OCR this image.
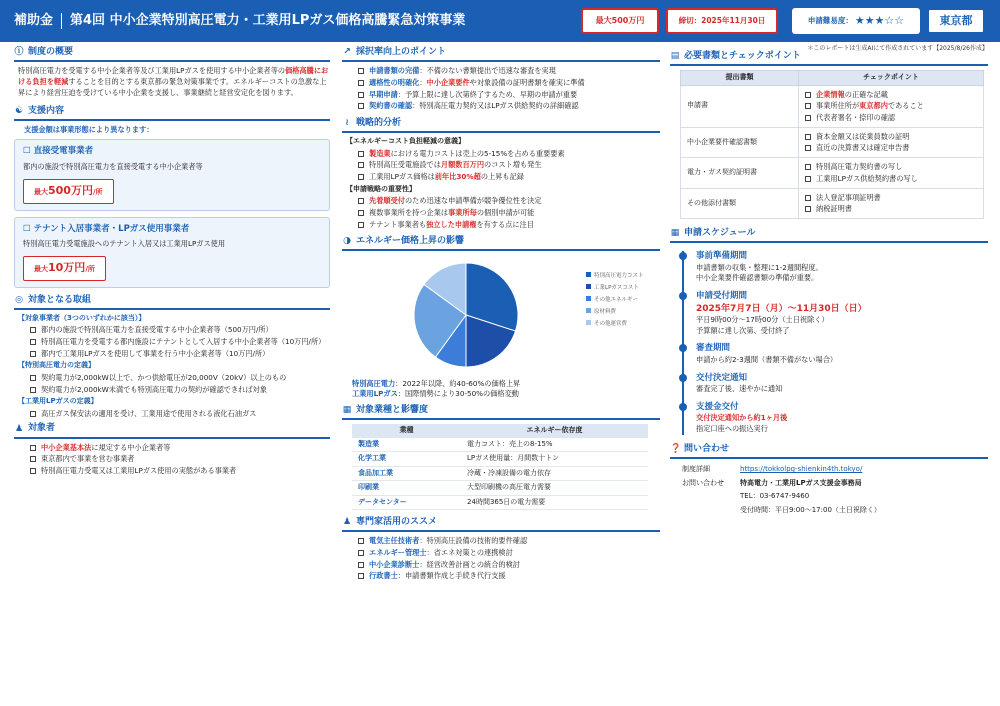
補助金 第4回 中小企業特別高圧電力・工業用LPガス価格高騰緊急対策事業	最大500万円	締切：2025年11月30日	申請難易度： ★★★☆☆	東京都
ⓘ 制度の概要
特別高圧電力を受電する中小企業者等及び工業用LPガスを使用する中小企業者等の価格高騰における負担を軽減することを目的とする東京都の緊急対策事業です。エネルギーコストの急激な上昇により経営圧迫を受けている中小企業を支援し、事業継続と経営安定化を図ります。
☯ 支援内容
支援金額は事業形態により異なります：
☐ 直接受電事業者
都内の施設で特別高圧電力を直接受電する中小企業者等
最大500万円/所
☐ テナント入居事業者・LPガス使用事業者
特別高圧電力受電施設へのテナント入居又は工業用LPガス使用
最大10万円/所
◎ 対象となる取組
【対象事業者（3つのいずれかに該当）】
都内の施設で特別高圧電力を直接受電する中小企業者等（500万円/所）
特別高圧電力を受電する都内施設にテナントとして入居する中小企業者等（10万円/所）
都内で工業用LPガスを使用して事業を行う中小企業者等（10万円/所）
【特別高圧電力の定義】
契約電力が2,000kW以上で、かつ供給電圧が20,000V（20kV）以上のもの
契約電力が2,000kW未満でも特別高圧電力の契約が確認できれば対象
【工業用LPガスの定義】
高圧ガス保安法の適用を受け、工業用途で使用される液化石油ガス
♟ 対象者
中小企業基本法に規定する中小企業者等
東京都内で事業を営む事業者
特別高圧電力受電又は工業用LPガス使用の実態がある事業者
↗ 採択率向上のポイント
申請書類の完備：不備のない書類提出で迅速な審査を実現
適格性の明確化：中小企業要件や対象設備の証明書類を確実に準備
早期申請：予算上限に達し次第終了するため、早期の申請が重要
契約書の確認：特別高圧電力契約又はLPガス供給契約の詳細確認
≀ 戦略的分析
【エネルギーコスト負担軽減の意義】
製造業における電力コストは売上の5-15%を占める重要要素
特別高圧受電施設では月額数百万円のコスト増も発生
工業用LPガス価格は前年比30%超の上昇も記録
【申請戦略の重要性】
先着順受付のため迅速な申請準備が競争優位性を決定
複数事業所を持つ企業は事業所毎の個別申請が可能
テナント事業者も独立した申請権を有する点に注目
◑ エネルギー価格上昇の影響
特別高圧電力コスト
工業LPガスコスト
その他エネルギー
原材料費
その他運営費
特別高圧電力：2022年以降、約40-60%の価格上昇
工業用LPガス：国際情勢により30-50%の価格変動
▦ 対象業種と影響度
業種	エネルギー依存度
製造業	電力コスト：売上の8-15%
化学工業	LPガス使用量：月間数十トン
食品加工業	冷蔵・冷凍設備の電力依存
印刷業	大型印刷機の高圧電力需要
データセンター	24時間365日の電力需要
♟ 専門家活用のススメ
電気主任技術者：特別高圧設備の技術的要件確認
エネルギー管理士：省エネ対策との連携検討
中小企業診断士：経営改善計画との統合的検討
行政書士：申請書類作成と手続き代行支援
＊このレポートは生成AIにて作成されています【2025/8/26作成】
▤ 必要書類とチェックポイント
提出書類	チェックポイント
申請書	企業情報の正確な記載
事業所住所が東京都内であること
代表者署名・捺印の確認

中小企業要件確認書類	資本金額又は従業員数の証明
直近の決算書又は確定申告書

電力・ガス契約証明書	特別高圧電力契約書の写し
工業用LPガス供給契約書の写し

その他添付書類	法人登記事項証明書
納税証明書
▦ 申請スケジュール
事前準備期間
申請書類の収集・整理に1-2週間程度。
中小企業要件確認書類の準備が重要。
申請受付期間
2025年7月7日（月）〜11月30日（日）
平日9時00分〜17時00分（土日祝除く）
予算額に達し次第、受付終了
審査期間
申請から約2-3週間（書類不備がない場合）
交付決定通知
審査完了後、速やかに通知
支援金交付
交付決定通知から約1ヶ月後
指定口座への振込実行
❓ 問い合わせ
制度詳細	https://tokkolpg-shienkin4th.tokyo/
お問い合わせ	特高電力・工業用LPガス支援金事務局
	TEL：03-6747-9460
	受付時間：平日9:00〜17:00（土日祝除く）
